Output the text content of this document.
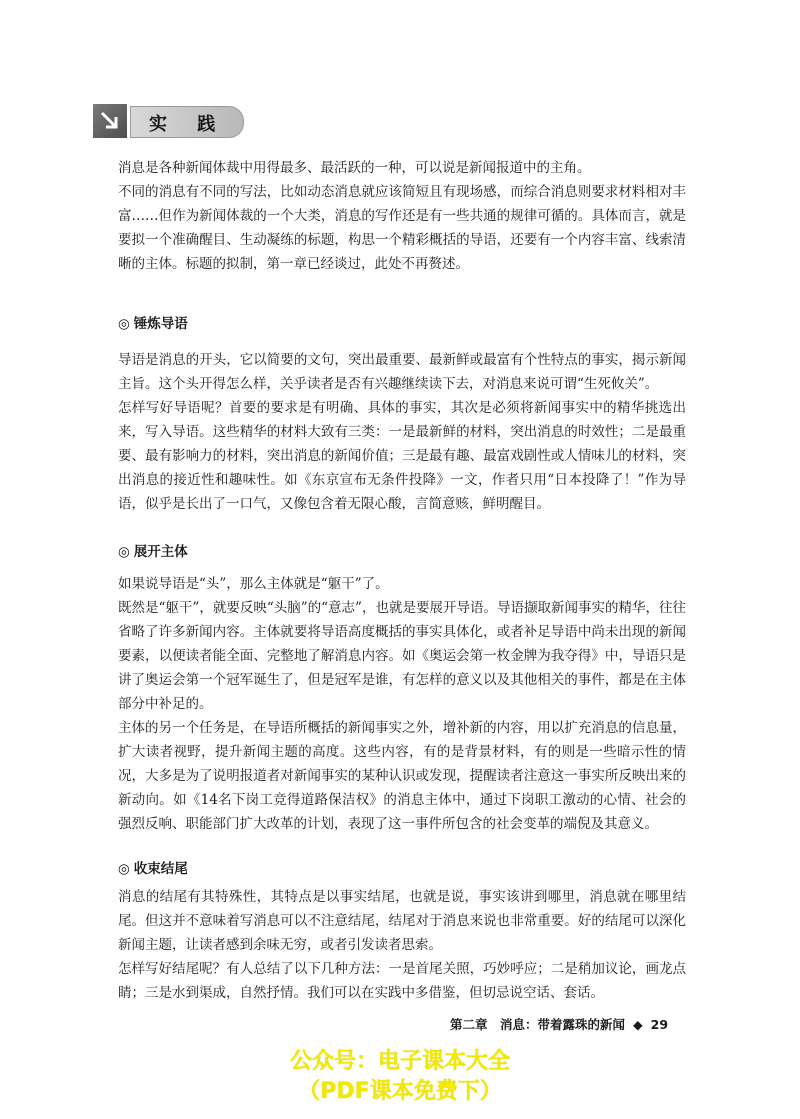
实 践

消息是各种新闻体裁中用得最多、最活跃的一种，可以说是新闻报道中的主角。

不同的消息有不同的写法，比如动态消息就应该简短且有现场感，而综合消息则要求材料相对丰富……但作为新闻体裁的一个大类，消息的写作还是有一些共通的规律可循的。具体而言，就是要拟一个准确醒目、生动凝练的标题，构思一个精彩概括的导语，还要有一个内容丰富、线索清晰的主体。标题的拟制，第一章已经谈过，此处不再赘述。

◎ 锤炼导语

导语是消息的开头，它以简要的文句，突出最重要、最新鲜或最富有个性特点的事实，揭示新闻主旨。这个头开得怎么样，关乎读者是否有兴趣继续读下去，对消息来说可谓“生死攸关”。

怎样写好导语呢？首要的要求是有明确、具体的事实，其次是必须将新闻事实中的精华挑选出来，写入导语。这些精华的材料大致有三类：一是最新鲜的材料，突出消息的时效性；二是最重要、最有影响力的材料，突出消息的新闻价值；三是最有趣、最富戏剧性或人情味儿的材料，突出消息的接近性和趣味性。如《东京宣布无条件投降》一文，作者只用“日本投降了！”作为导语，似乎是长出了一口气，又像包含着无限心酸，言简意赅，鲜明醒目。

◎ 展开主体

如果说导语是“头”，那么主体就是“躯干”了。

既然是“躯干”，就要反映“头脑”的“意志”，也就是要展开导语。导语撷取新闻事实的精华，往往省略了许多新闻内容。主体就要将导语高度概括的事实具体化，或者补足导语中尚未出现的新闻要素，以便读者能全面、完整地了解消息内容。如《奥运会第一枚金牌为我夺得》中，导语只是讲了奥运会第一个冠军诞生了，但是冠军是谁，有怎样的意义以及其他相关的事件，都是在主体部分中补足的。

主体的另一个任务是，在导语所概括的新闻事实之外，增补新的内容，用以扩充消息的信息量，扩大读者视野，提升新闻主题的高度。这些内容，有的是背景材料，有的则是一些暗示性的情况，大多是为了说明报道者对新闻事实的某种认识或发现，提醒读者注意这一事实所反映出来的新动向。如《14名下岗工竞得道路保洁权》的消息主体中，通过下岗职工激动的心情、社会的强烈反响、职能部门扩大改革的计划，表现了这一事件所包含的社会变革的端倪及其意义。

◎ 收束结尾

消息的结尾有其特殊性，其特点是以事实结尾，也就是说，事实该讲到哪里，消息就在哪里结尾。但这并不意味着写消息可以不注意结尾，结尾对于消息来说也非常重要。好的结尾可以深化新闻主题，让读者感到余味无穷，或者引发读者思索。

怎样写好结尾呢？有人总结了以下几种方法：一是首尾关照，巧妙呼应；二是稍加议论，画龙点睛；三是水到渠成，自然抒情。我们可以在实践中多借鉴，但切忌说空话、套话。

第二章　消息：带着露珠的新闻 ◆ 29
公众号：电子课本大全
（PDF课本免费下）
